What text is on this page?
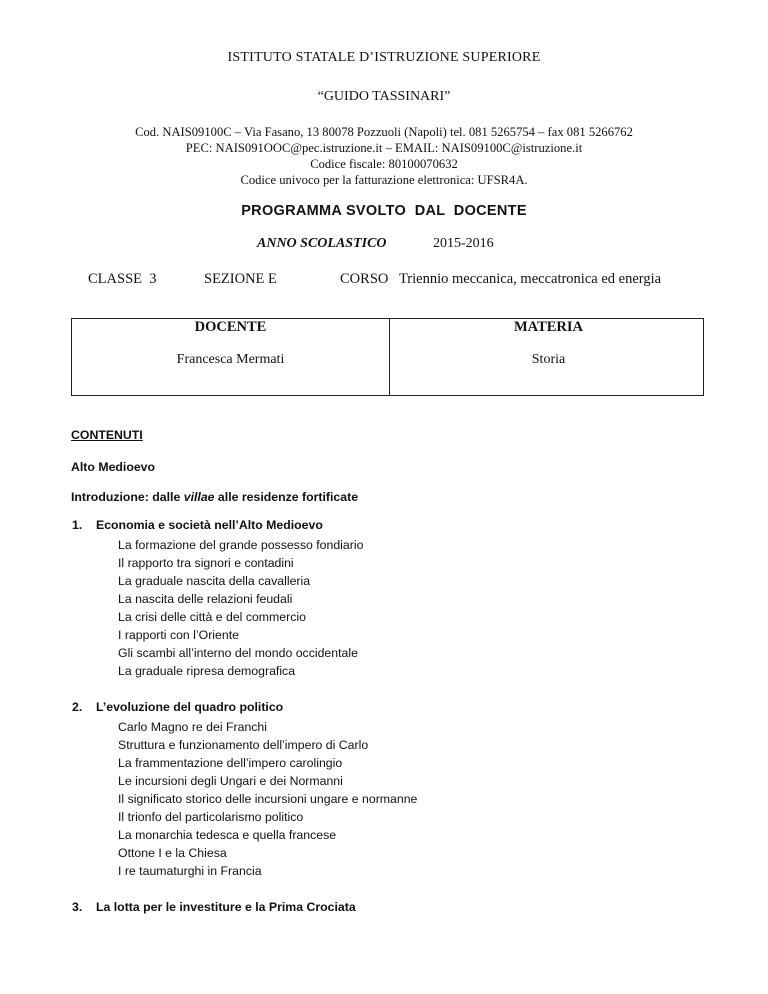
ISTITUTO STATALE D’ISTRUZIONE SUPERIORE
“GUIDO TASSINARI”
Cod. NAIS09100C – Via Fasano, 13 80078 Pozzuoli (Napoli) tel. 081 5265754 – fax 081 5266762
PEC: NAIS091OOC@pec.istruzione.it – EMAIL: NAIS09100C@istruzione.it
Codice fiscale: 80100070632
Codice univoco per la fatturazione elettronica: UFSR4A.
PROGRAMMA SVOLTO  DAL  DOCENTE
ANNO SCOLASTICO	2015-2016
CLASSE  3	SEZIONE E	CORSO   Triennio meccanica, meccatronica ed energia
DOCENTE	MATERIA
Francesca Mermati	Storia
CONTENUTI
Alto Medioevo
Introduzione: dalle villae alle residenze fortificate
1. Economia e società nell’Alto Medioevo
La formazione del grande possesso fondiario
Il rapporto tra signori e contadini
La graduale nascita della cavalleria
La nascita delle relazioni feudali
La crisi delle città e del commercio
I rapporti con l’Oriente
Gli scambi all’interno del mondo occidentale
La graduale ripresa demografica
2. L’evoluzione del quadro politico
Carlo Magno re dei Franchi
Struttura e funzionamento dell’impero di Carlo
La frammentazione dell’impero carolingio
Le incursioni degli Ungari e dei Normanni
Il significato storico delle incursioni ungare e normanne
Il trionfo del particolarismo politico
La monarchia tedesca e quella francese
Ottone I e la Chiesa
I re taumaturghi in Francia
3. La lotta per le investiture e la Prima Crociata
